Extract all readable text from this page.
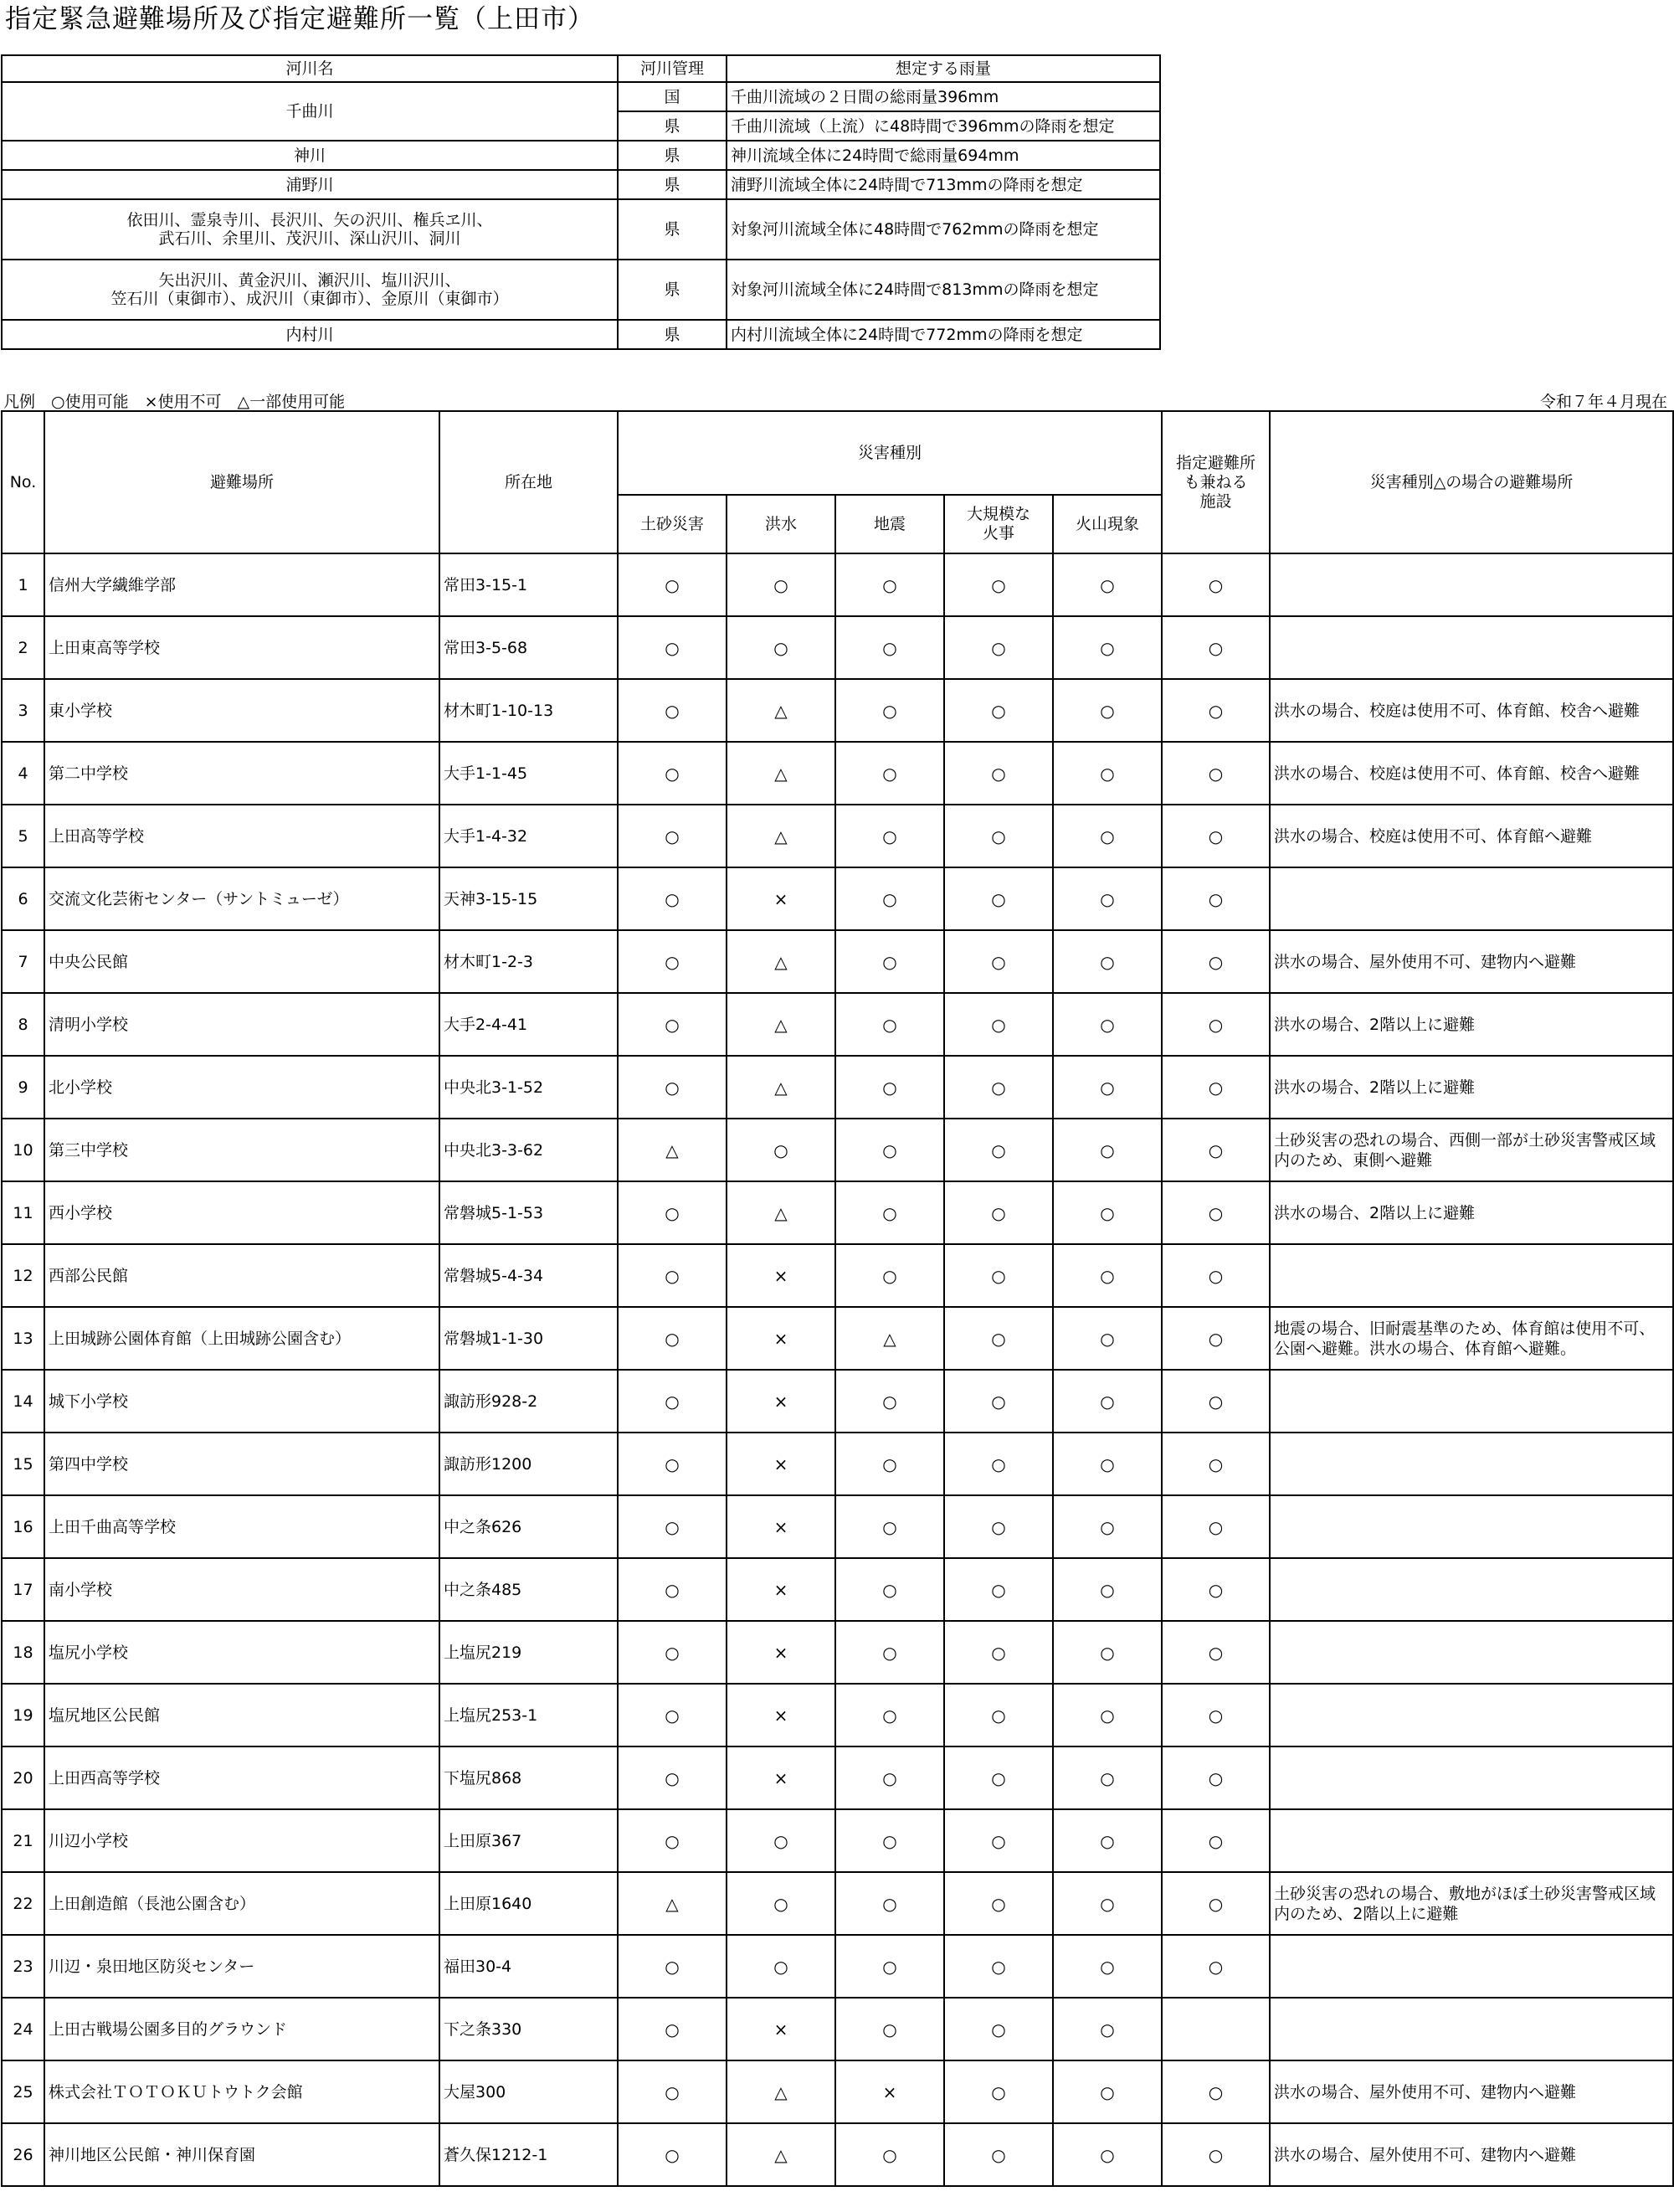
指定緊急避難場所及び指定避難所一覧（上田市）
河川名	河川管理	想定する雨量
千曲川	国	千曲川流域の２日間の総雨量396mm
	県	千曲川流域（上流）に48時間で396mmの降雨を想定
神川	県	神川流域全体に24時間で総雨量694mm
浦野川	県	浦野川流域全体に24時間で713mmの降雨を想定

依田川、霊泉寺川、長沢川、矢の沢川、権兵ヱ川、
武石川、余里川、茂沢川、深山沢川、洞川	県	対象河川流域全体に48時間で762mmの降雨を想定

矢出沢川、黄金沢川、瀬沢川、塩川沢川、
笠石川（東御市）、成沢川（東御市）、金原川（東御市）	県	対象河川流域全体に24時間で813mmの降雨を想定
内村川	県	内村川流域全体に24時間で772mmの降雨を想定
凡例　○使用可能　×使用不可　△一部使用可能	令和７年４月現在
No.	避難場所	所在地	災害種別					指定避難所
も兼ねる
施設	災害種別△の場合の避難場所

			土砂災害	洪水	地震	大規模な
火事	火山現象		

1	信州大学繊維学部	常田3-15-1	○	○	○	○	○	○	
2	上田東高等学校	常田3-5-68	○	○	○	○	○	○	
3	東小学校	材木町1-10-13	○	△	○	○	○	○	洪水の場合、校庭は使用不可、体育館、校舎へ避難
4	第二中学校	大手1-1-45	○	△	○	○	○	○	洪水の場合、校庭は使用不可、体育館、校舎へ避難
5	上田高等学校	大手1-4-32	○	△	○	○	○	○	洪水の場合、校庭は使用不可、体育館へ避難
6	交流文化芸術センター（サントミューゼ）	天神3-15-15	○	×	○	○	○	○	
7	中央公民館	材木町1-2-3	○	△	○	○	○	○	洪水の場合、屋外使用不可、建物内へ避難
8	清明小学校	大手2-4-41	○	△	○	○	○	○	洪水の場合、2階以上に避難
9	北小学校	中央北3-1-52	○	△	○	○	○	○	洪水の場合、2階以上に避難
10	第三中学校	中央北3-3-62	△	○	○	○	○	○	土砂災害の恐れの場合、西側一部が土砂災害警戒区域内のため、東側へ避難
11	西小学校	常磐城5-1-53	○	△	○	○	○	○	洪水の場合、2階以上に避難
12	西部公民館	常磐城5-4-34	○	×	○	○	○	○	
13	上田城跡公園体育館（上田城跡公園含む）	常磐城1-1-30	○	×	△	○	○	○	地震の場合、旧耐震基準のため、体育館は使用不可、公園へ避難。洪水の場合、体育館へ避難。
14	城下小学校	諏訪形928-2	○	×	○	○	○	○	
15	第四中学校	諏訪形1200	○	×	○	○	○	○	
16	上田千曲高等学校	中之条626	○	×	○	○	○	○	
17	南小学校	中之条485	○	×	○	○	○	○	
18	塩尻小学校	上塩尻219	○	×	○	○	○	○	
19	塩尻地区公民館	上塩尻253-1	○	×	○	○	○	○	
20	上田西高等学校	下塩尻868	○	×	○	○	○	○	
21	川辺小学校	上田原367	○	○	○	○	○	○	
22	上田創造館（長池公園含む）	上田原1640	△	○	○	○	○	○	土砂災害の恐れの場合、敷地がほぼ土砂災害警戒区域内のため、2階以上に避難
23	川辺・泉田地区防災センター	福田30-4	○	○	○	○	○	○	
24	上田古戦場公園多目的グラウンド	下之条330	○	×	○	○	○		
25	株式会社ＴＯＴＯＫＵトウトク会館	大屋300	○	△	×	○	○	○	洪水の場合、屋外使用不可、建物内へ避難
26	神川地区公民館・神川保育園	蒼久保1212-1	○	△	○	○	○	○	洪水の場合、屋外使用不可、建物内へ避難
